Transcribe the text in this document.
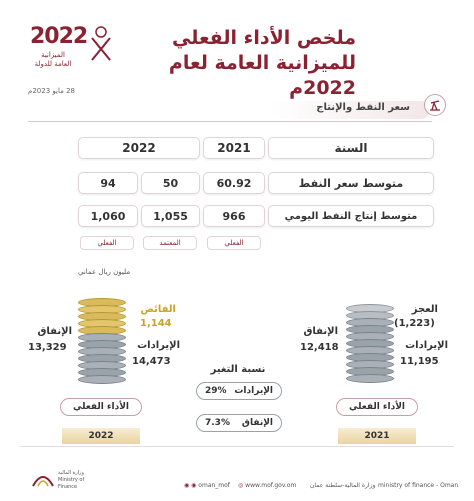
ملخص الأداء الفعلي للميزانية العامة لعام 2022م
2022
الميزانية العامة للدولة
28 مايو 2023م
سعر النفط والإنتاج
السنة
2021
2022
متوسط سعر النفط
60.92
50
94
متوسط إنتاج النفط اليومي
966
1,055
1,060
الفعلي
المعتمد
الفعلي
مليون ريال عماني
الفائض
1,144
الإنفاق
13,329	الإيرادات
14,473
العجز
(1,223)
الإنفاق
12,418	الإيرادات
11,195
نسبة التغير
الإيرادات
29%
الإنفاق
7.3%
الأداء الفعلي	الأداء الفعلي
2022	2021
وزارة المالية Ministry of Finance	◉ ◉ oman_mof ◎ www.mof.gov.om وزارة المالية-سلطنة عمان ministry of finance - Oman
